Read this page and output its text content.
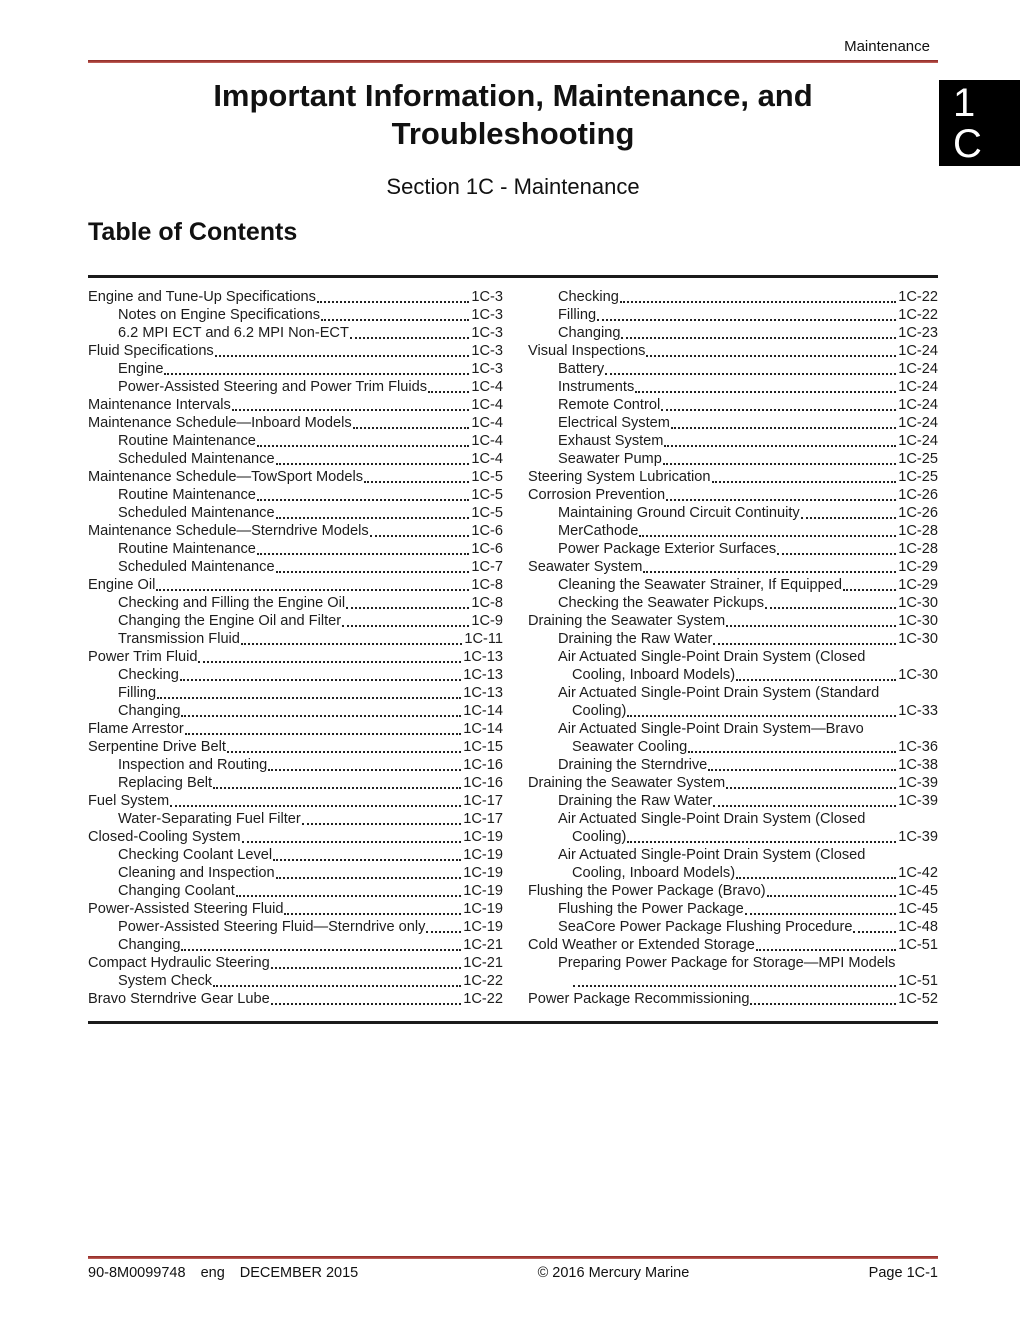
Maintenance
1
C
Important Information, Maintenance, and
Troubleshooting
Section 1C - Maintenance
Table of Contents
Engine and Tune-Up Specifications	1C-3
Notes on Engine Specifications	1C-3
6.2 MPI ECT and 6.2 MPI Non-ECT	1C-3
Fluid Specifications	1C-3
Engine	1C-3
Power-Assisted Steering and Power Trim Fluids	1C-4
Maintenance Intervals	1C-4
Maintenance Schedule—Inboard Models	1C-4
Routine Maintenance	1C-4
Scheduled Maintenance	1C-4
Maintenance Schedule—TowSport Models	1C-5
Routine Maintenance	1C-5
Scheduled Maintenance	1C-5
Maintenance Schedule—Sterndrive Models	1C-6
Routine Maintenance	1C-6
Scheduled Maintenance	1C-7
Engine Oil	1C-8
Checking and Filling the Engine Oil	1C-8
Changing the Engine Oil and Filter	1C-9
Transmission Fluid	1C-11
Power Trim Fluid	1C-13
Checking	1C-13
Filling	1C-13
Changing	1C-14
Flame Arrestor	1C-14
Serpentine Drive Belt	1C-15
Inspection and Routing	1C-16
Replacing Belt	1C-16
Fuel System	1C-17
Water-Separating Fuel Filter	1C-17
Closed-Cooling System	1C-19
Checking Coolant Level	1C-19
Cleaning and Inspection	1C-19
Changing Coolant	1C-19
Power-Assisted Steering Fluid	1C-19
Power-Assisted Steering Fluid—Sterndrive only	1C-19
Changing	1C-21
Compact Hydraulic Steering	1C-21
System Check	1C-22
Bravo Sterndrive Gear Lube	1C-22
Checking	1C-22
Filling	1C-22
Changing	1C-23
Visual Inspections	1C-24
Battery	1C-24
Instruments	1C-24
Remote Control	1C-24
Electrical System	1C-24
Exhaust System	1C-24
Seawater Pump	1C-25
Steering System Lubrication	1C-25
Corrosion Prevention	1C-26
Maintaining Ground Circuit Continuity	1C-26
MerCathode	1C-28
Power Package Exterior Surfaces	1C-28
Seawater System	1C-29
Cleaning the Seawater Strainer, If Equipped	1C-29
Checking the Seawater Pickups	1C-30
Draining the Seawater System	1C-30
Draining the Raw Water	1C-30
Air Actuated Single-Point Drain System (Closed
Cooling, Inboard Models)	1C-30
Air Actuated Single-Point Drain System (Standard
Cooling)	1C-33
Air Actuated Single-Point Drain System—Bravo
Seawater Cooling	1C-36
Draining the Sterndrive	1C-38
Draining the Seawater System	1C-39
Draining the Raw Water	1C-39
Air Actuated Single-Point Drain System (Closed
Cooling)	1C-39
Air Actuated Single-Point Drain System (Closed
Cooling, Inboard Models)	1C-42
Flushing the Power Package (Bravo)	1C-45
Flushing the Power Package	1C-45
SeaCore Power Package Flushing Procedure	1C-48
Cold Weather or Extended Storage	1C-51
Preparing Power Package for Storage—MPI Models
1C-51
Power Package Recommissioning	1C-52
90-8M0099748 eng DECEMBER 2015	© 2016 Mercury Marine	Page 1C-1
